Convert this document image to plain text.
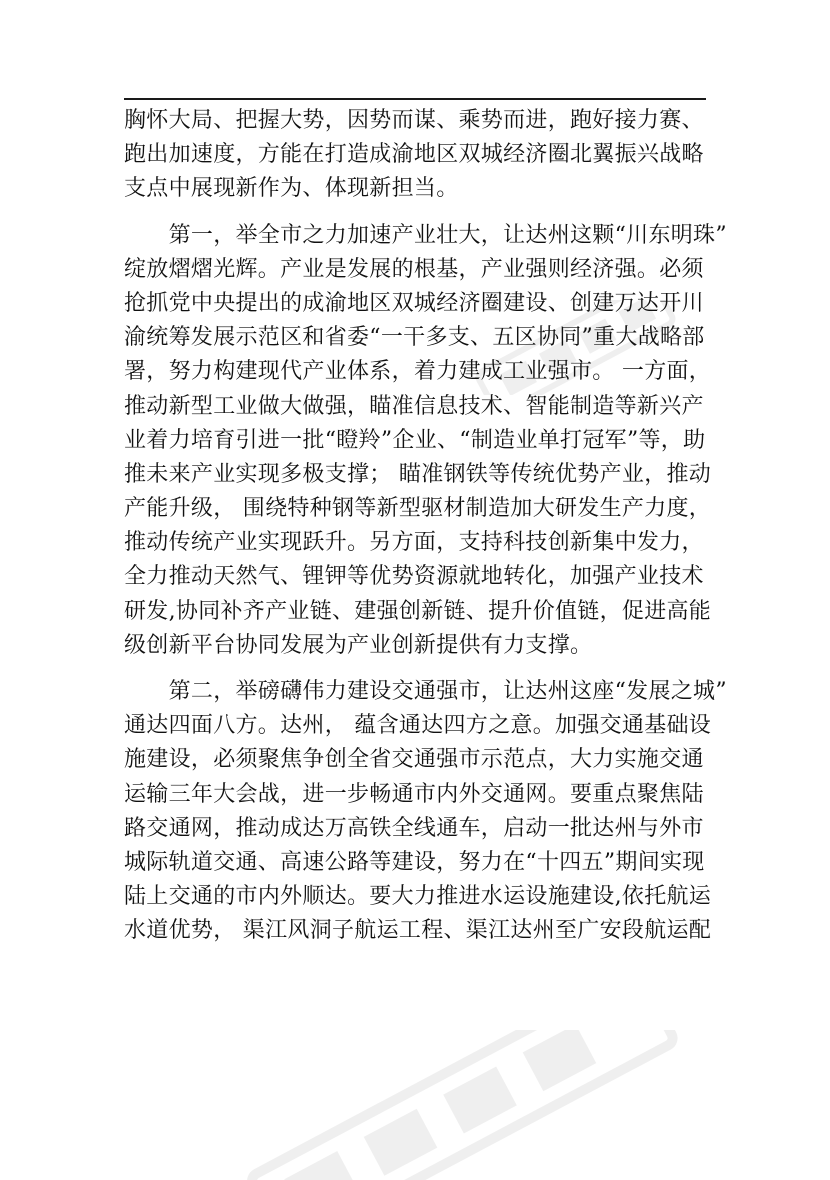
胸怀大局、把握大势，因势而谋、乘势而进，跑好接力赛、
跑出加速度，方能在打造成渝地区双城经济圈北翼振兴战略
支点中展现新作为、体现新担当。

　　第一，举全市之力加速产业壮大，让达州这颗“川东明珠”
绽放熠熠光辉。产业是发展的根基，产业强则经济强。必须
抢抓党中央提出的成渝地区双城经济圈建设、创建万达开川
渝统筹发展示范区和省委“一干多支、五区协同”重大战略部
署，努力构建现代产业体系，着力建成工业强市。 一方面，
推动新型工业做大做强，瞄准信息技术、智能制造等新兴产
业着力培育引进一批“瞪羚”企业、“制造业单打冠军”等，助
推未来产业实现多极支撑； 瞄准钢铁等传统优势产业，推动
产能升级， 围绕特种钢等新型驱材制造加大研发生产力度，
推动传统产业实现跃升。另方面，支持科技创新集中发力，
全力推动天然气、锂钾等优势资源就地转化，加强产业技术
研发,协同补齐产业链、建强创新链、提升价值链，促进高能
级创新平台协同发展为产业创新提供有力支撑。

　　第二，举磅礴伟力建设交通强市，让达州这座“发展之城”
通达四面八方。达州， 蕴含通达四方之意。加强交通基础设
施建设，必须聚焦争创全省交通强市示范点，大力实施交通
运输三年大会战，进一步畅通市内外交通网。要重点聚焦陆
路交通网，推动成达万高铁全线通车，启动一批达州与外市
城际轨道交通、高速公路等建设，努力在“十四五”期间实现
陆上交通的市内外顺达。要大力推进水运设施建设,依托航运
水道优势， 渠江风洞子航运工程、渠江达州至广安段航运配
